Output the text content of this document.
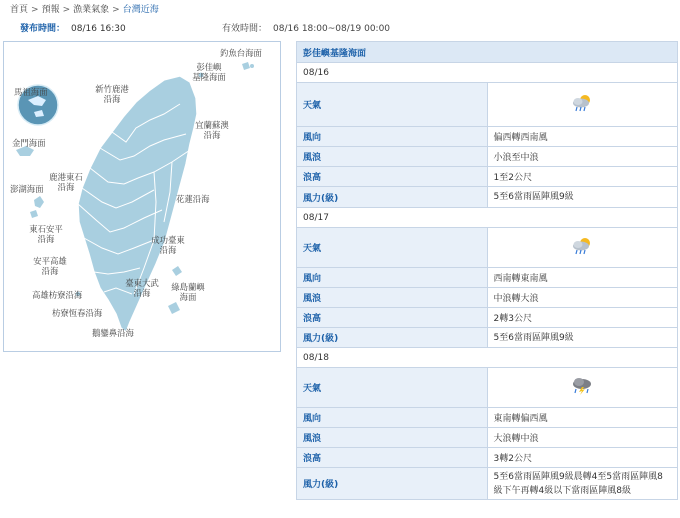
首頁 > 預報 > 漁業氣象 > 台灣近海
發布時間： 08/16 16:30	有效時間： 08/16 18:00~08/19 00:00
釣魚台海面
彭佳嶼
基隆海面
新竹鹿港
沿海
馬祖海面
宜蘭蘇澳
沿海
金門海面
鹿港東石
沿海
澎湖海面
花蓮沿海
東石安平
沿海	成功臺東
沿海
安平高雄
沿海
臺東大武
沿海
綠島蘭嶼
海面
高雄枋寮沿海
枋寮恆春沿海
鵝鑾鼻沿海
彭佳嶼基隆海面	
08/16	
天氣	
風向	偏西轉西南風
風浪	小浪至中浪
浪高	1至2公尺
風力(級)	5至6當雨區陣風9級
08/17	
天氣	
風向	西南轉東南風
風浪	中浪轉大浪
浪高	2轉3公尺
風力(級)	5至6當雨區陣風9級
08/18	
天氣	
風向	東南轉偏西風
風浪	大浪轉中浪
浪高	3轉2公尺
風力(級)	5至6當雨區陣風9級晨轉4至5當雨區陣風8級下午再轉4級以下當雨區陣風8級
